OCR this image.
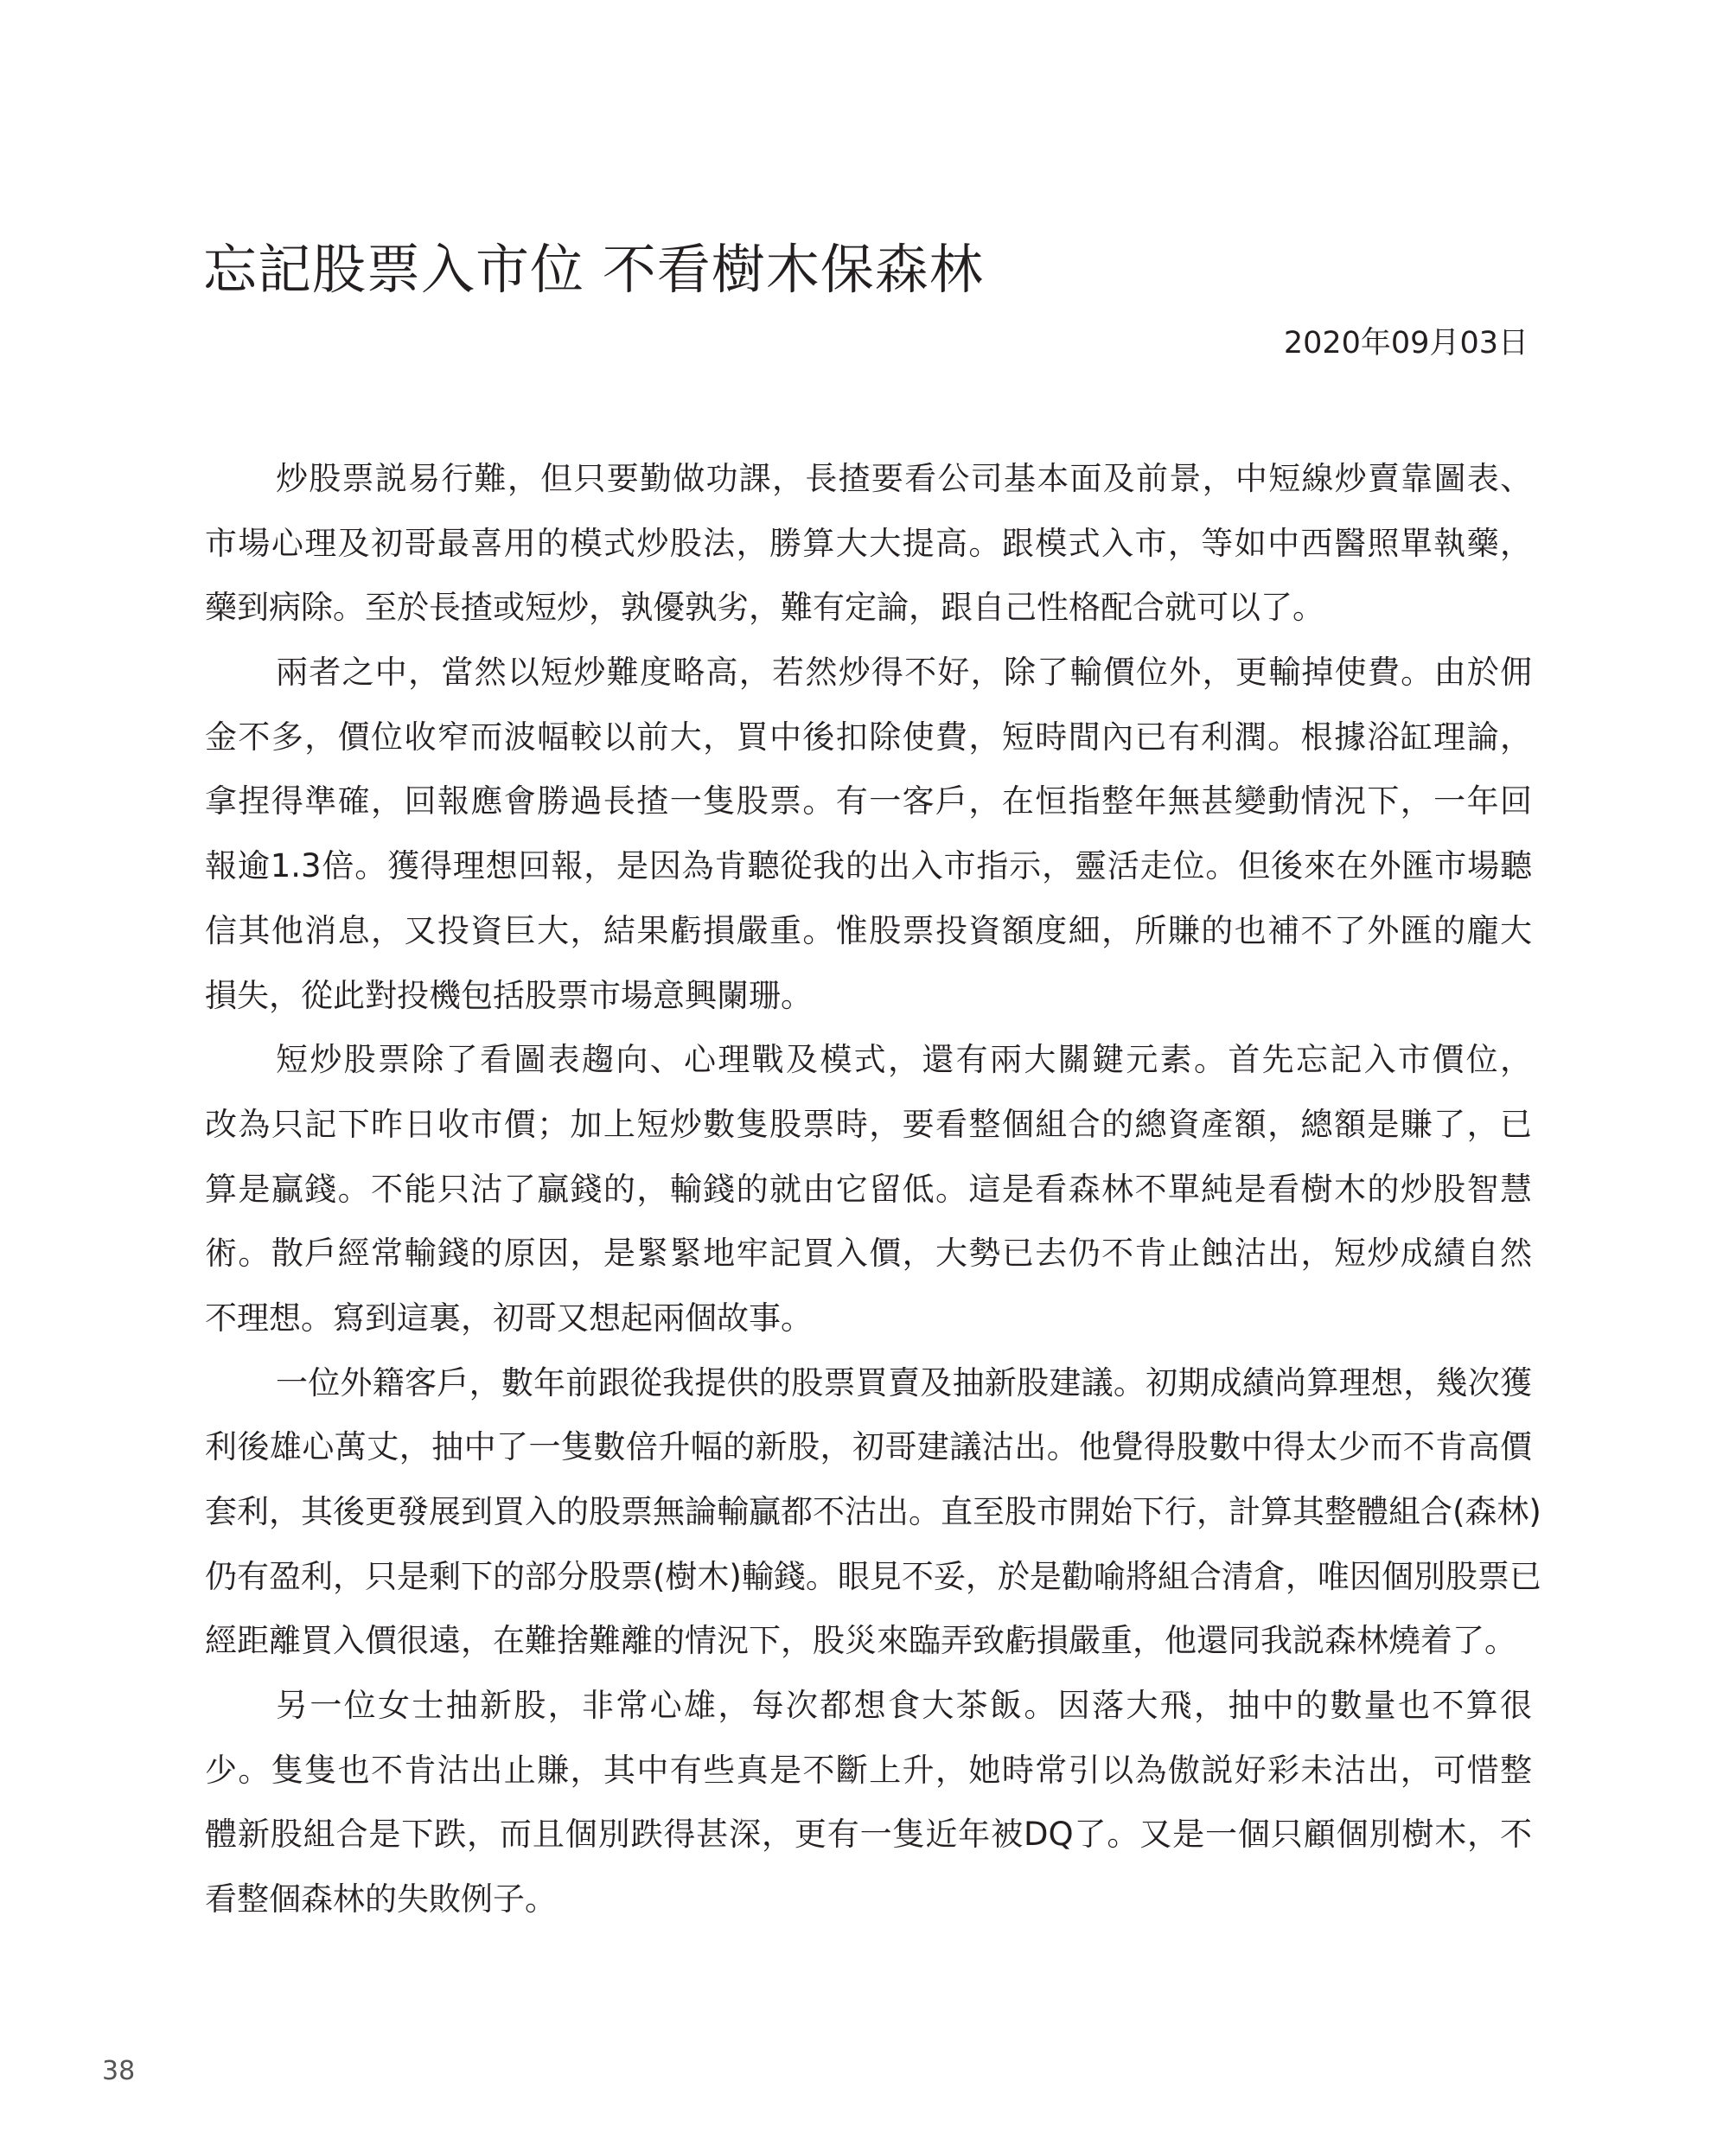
忘記股票入市位 不看樹木保森林
2020年09月03日
炒股票説易行難，但只要勤做功課，長揸要看公司基本面及前景，中短線炒賣靠圖表、
市場心理及初哥最喜用的模式炒股法，勝算大大提高。跟模式入市，等如中西醫照單執藥，
藥到病除。至於長揸或短炒，孰優孰劣，難有定論，跟自己性格配合就可以了。
兩者之中，當然以短炒難度略高，若然炒得不好，除了輸價位外，更輸掉使費。由於佣
金不多，價位收窄而波幅較以前大，買中後扣除使費，短時間內已有利潤。根據浴缸理論，
拿捏得準確，回報應會勝過長揸一隻股票。有一客戶，在恒指整年無甚變動情況下，一年回
報逾1.3倍。獲得理想回報，是因為肯聽從我的出入市指示，靈活走位。但後來在外匯市場聽
信其他消息，又投資巨大，結果虧損嚴重。惟股票投資額度細，所賺的也補不了外匯的龐大
損失，從此對投機包括股票市場意興闌珊。
短炒股票除了看圖表趨向、心理戰及模式，還有兩大關鍵元素。首先忘記入市價位，
改為只記下昨日收市價；加上短炒數隻股票時，要看整個組合的總資產額，總額是賺了，已
算是贏錢。不能只沽了贏錢的，輸錢的就由它留低。這是看森林不單純是看樹木的炒股智慧
術。散戶經常輸錢的原因，是緊緊地牢記買入價，大勢已去仍不肯止蝕沽出，短炒成績自然
不理想。寫到這裏，初哥又想起兩個故事。
一位外籍客戶，數年前跟從我提供的股票買賣及抽新股建議。初期成績尚算理想，幾次獲
利後雄心萬丈，抽中了一隻數倍升幅的新股，初哥建議沽出。他覺得股數中得太少而不肯高價
套利，其後更發展到買入的股票無論輸贏都不沽出。直至股市開始下行，計算其整體組合(森林)
仍有盈利，只是剩下的部分股票(樹木)輸錢。眼見不妥，於是勸喻將組合清倉，唯因個別股票已
經距離買入價很遠，在難捨難離的情況下，股災來臨弄致虧損嚴重，他還同我説森林燒着了。
另一位女士抽新股，非常心雄，每次都想食大茶飯。因落大飛，抽中的數量也不算很
少。隻隻也不肯沽出止賺，其中有些真是不斷上升，她時常引以為傲説好彩未沽出，可惜整
體新股組合是下跌，而且個別跌得甚深，更有一隻近年被DQ了。又是一個只顧個別樹木，不
看整個森林的失敗例子。
38
